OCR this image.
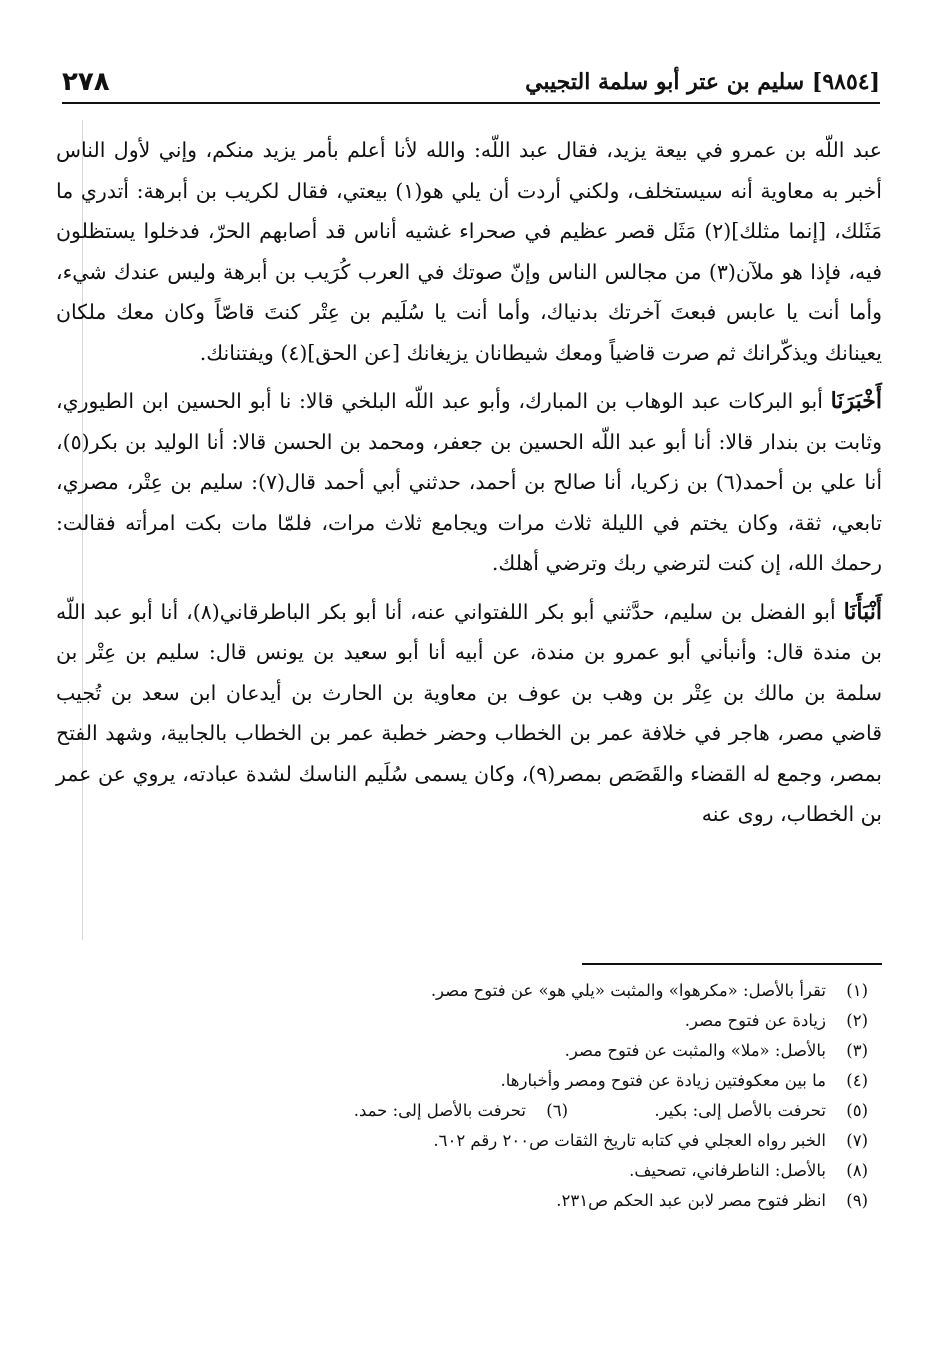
[٩٨٥٤] سليم بن عتر أبو سلمة التجيبي
٢٧٨

عبد اللّه بن عمرو في بيعة يزيد، فقال عبد اللّه: والله لأنا أعلم بأمر يزيد منكم، وإني لأول الناس أخبر به معاوية أنه سيستخلف، ولكني أردت أن يلي هو(١) بيعتي، فقال لكريب بن أبرهة: أتدري ما مَثَلك، [إنما مثلك](٢) مَثَل قصر عظيم في صحراء غشيه أناس قد أصابهم الحرّ، فدخلوا يستظلون فيه، فإذا هو ملآن(٣) من مجالس الناس وإنّ صوتك في العرب كُرَيب بن أبرهة وليس عندك شيء، وأما أنت يا عابس فبعتَ آخرتك بدنياك، وأما أنت يا سُلَيم بن عِتْر كنتَ قاصّاً وكان معك ملكان يعينانك ويذكّرانك ثم صرت قاضياً ومعك شيطانان يزيغانك [عن الحق](٤) ويفتنانك.

أَخْبَرَنَا أبو البركات عبد الوهاب بن المبارك، وأبو عبد اللّه البلخي قالا: نا أبو الحسين ابن الطيوري، وثابت بن بندار قالا: أنا أبو عبد اللّه الحسين بن جعفر، ومحمد بن الحسن قالا: أنا الوليد بن بكر(٥)، أنا علي بن أحمد(٦) بن زكريا، أنا صالح بن أحمد، حدثني أبي أحمد قال(٧): سليم بن عِتْر، مصري، تابعي، ثقة، وكان يختم في الليلة ثلاث مرات ويجامع ثلاث مرات، فلمّا مات بكت امرأته فقالت: رحمك الله، إن كنت لترضي ربك وترضي أهلك.

أَنْبَأَنَا أبو الفضل بن سليم، حدَّثني أبو بكر اللفتواني عنه، أنا أبو بكر الباطرقاني(٨)، أنا أبو عبد اللّه بن مندة قال: وأنبأني أبو عمرو بن مندة، عن أبيه أنا أبو سعيد بن يونس قال: سليم بن عِتْر بن سلمة بن مالك بن عِتْر بن وهب بن عوف بن معاوية بن الحارث بن أيدعان ابن سعد بن تُجيب قاضي مصر، هاجر في خلافة عمر بن الخطاب وحضر خطبة عمر بن الخطاب بالجابية، وشهد الفتح بمصر، وجمع له القضاء والقَصَص بمصر(٩)، وكان يسمى سُلَيم الناسك لشدة عبادته، يروي عن عمر بن الخطاب، روى عنه

(١)
تقرأ بالأصل: «مكرهوا» والمثبت «يلي هو» عن فتوح مصر.
(٢)
زيادة عن فتوح مصر.
(٣)
بالأصل: «ملا» والمثبت عن فتوح مصر.
(٤)
ما بين معكوفتين زيادة عن فتوح ومصر وأخبارها.
(٥)
تحرفت بالأصل إلى: بكير.
(٦)
تحرفت بالأصل إلى: حمد.
(٧)
الخبر رواه العجلي في كتابه تاريخ الثقات ص٢٠٠ رقم ٦٠٢.
(٨)
بالأصل: الناطرفاني، تصحيف.
(٩)
انظر فتوح مصر لابن عبد الحكم ص٢٣١.
